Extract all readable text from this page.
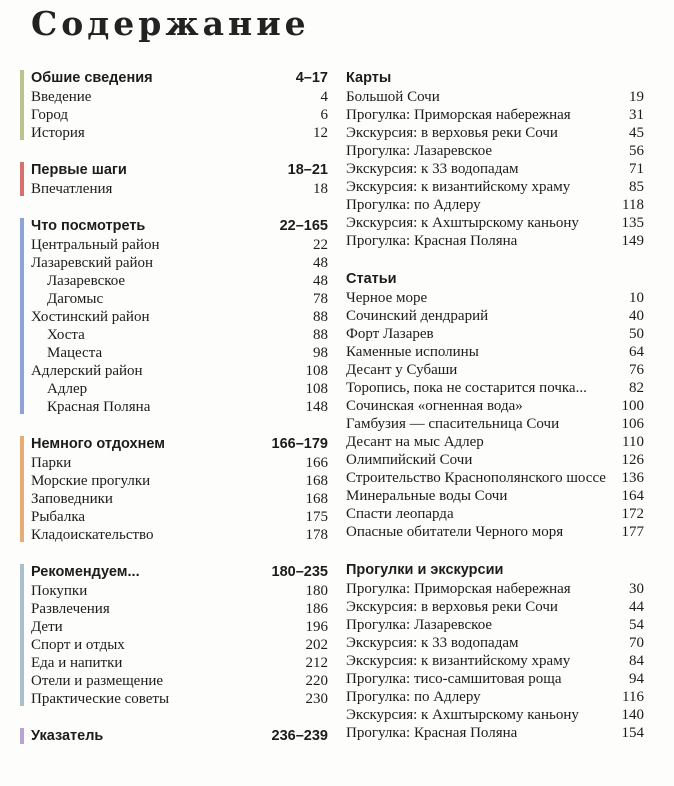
Содержание
Обшие сведения	4–17
Введение	4
Город	6
История	12
Первые шаги	18–21
Впечатления	18
Что посмотреть	22–165
Центральный район	22
Лазаревский район	48
Лазаревское	48
Дагомыс	78
Хостинский район	88
Хоста	88
Мацеста	98
Адлерский район	108
Адлер	108
Красная Поляна	148
Немного отдохнем	166–179
Парки	166
Морские прогулки	168
Заповедники	168
Рыбалка	175
Кладоискательство	178
Рекомендуем...	180–235
Покупки	180
Развлечения	186
Дети	196
Спорт и отдых	202
Еда и напитки	212
Отели и размещение	220
Практические советы	230
Указатель	236–239
Карты
Большой Сочи	19
Прогулка: Приморская набережная	31
Экскурсия: в верховья реки Сочи	45
Прогулка: Лазаревское	56
Экскурсия: к 33 водопадам	71
Экскурсия: к византийскому храму	85
Прогулка: по Адлеру	118
Экскурсия: к Ахштырскому каньону	135
Прогулка: Красная Поляна	149
Статьи
Черное море	10
Сочинский дендрарий	40
Форт Лазарев	50
Каменные исполины	64
Десант у Субаши	76
Торопись, пока не состарится почка...	82
Сочинская «огненная вода»	100
Гамбузия — спасительница Сочи	106
Десант на мыс Адлер	110
Олимпийский Сочи	126
Строительство Краснополянского шоссе 136
Минеральные воды Сочи	164
Спасти леопарда	172
Опасные обитатели Черного моря	177
Прогулки и экскурсии
Прогулка: Приморская набережная	30
Экскурсия: в верховья реки Сочи	44
Прогулка: Лазаревское	54
Экскурсия: к 33 водопадам	70
Экскурсия: к византийскому храму	84
Прогулка: тисо-самшитовая роща	94
Прогулка: по Адлеру	116
Экскурсия: к Ахштырскому каньону	140
Прогулка: Красная Поляна	154
